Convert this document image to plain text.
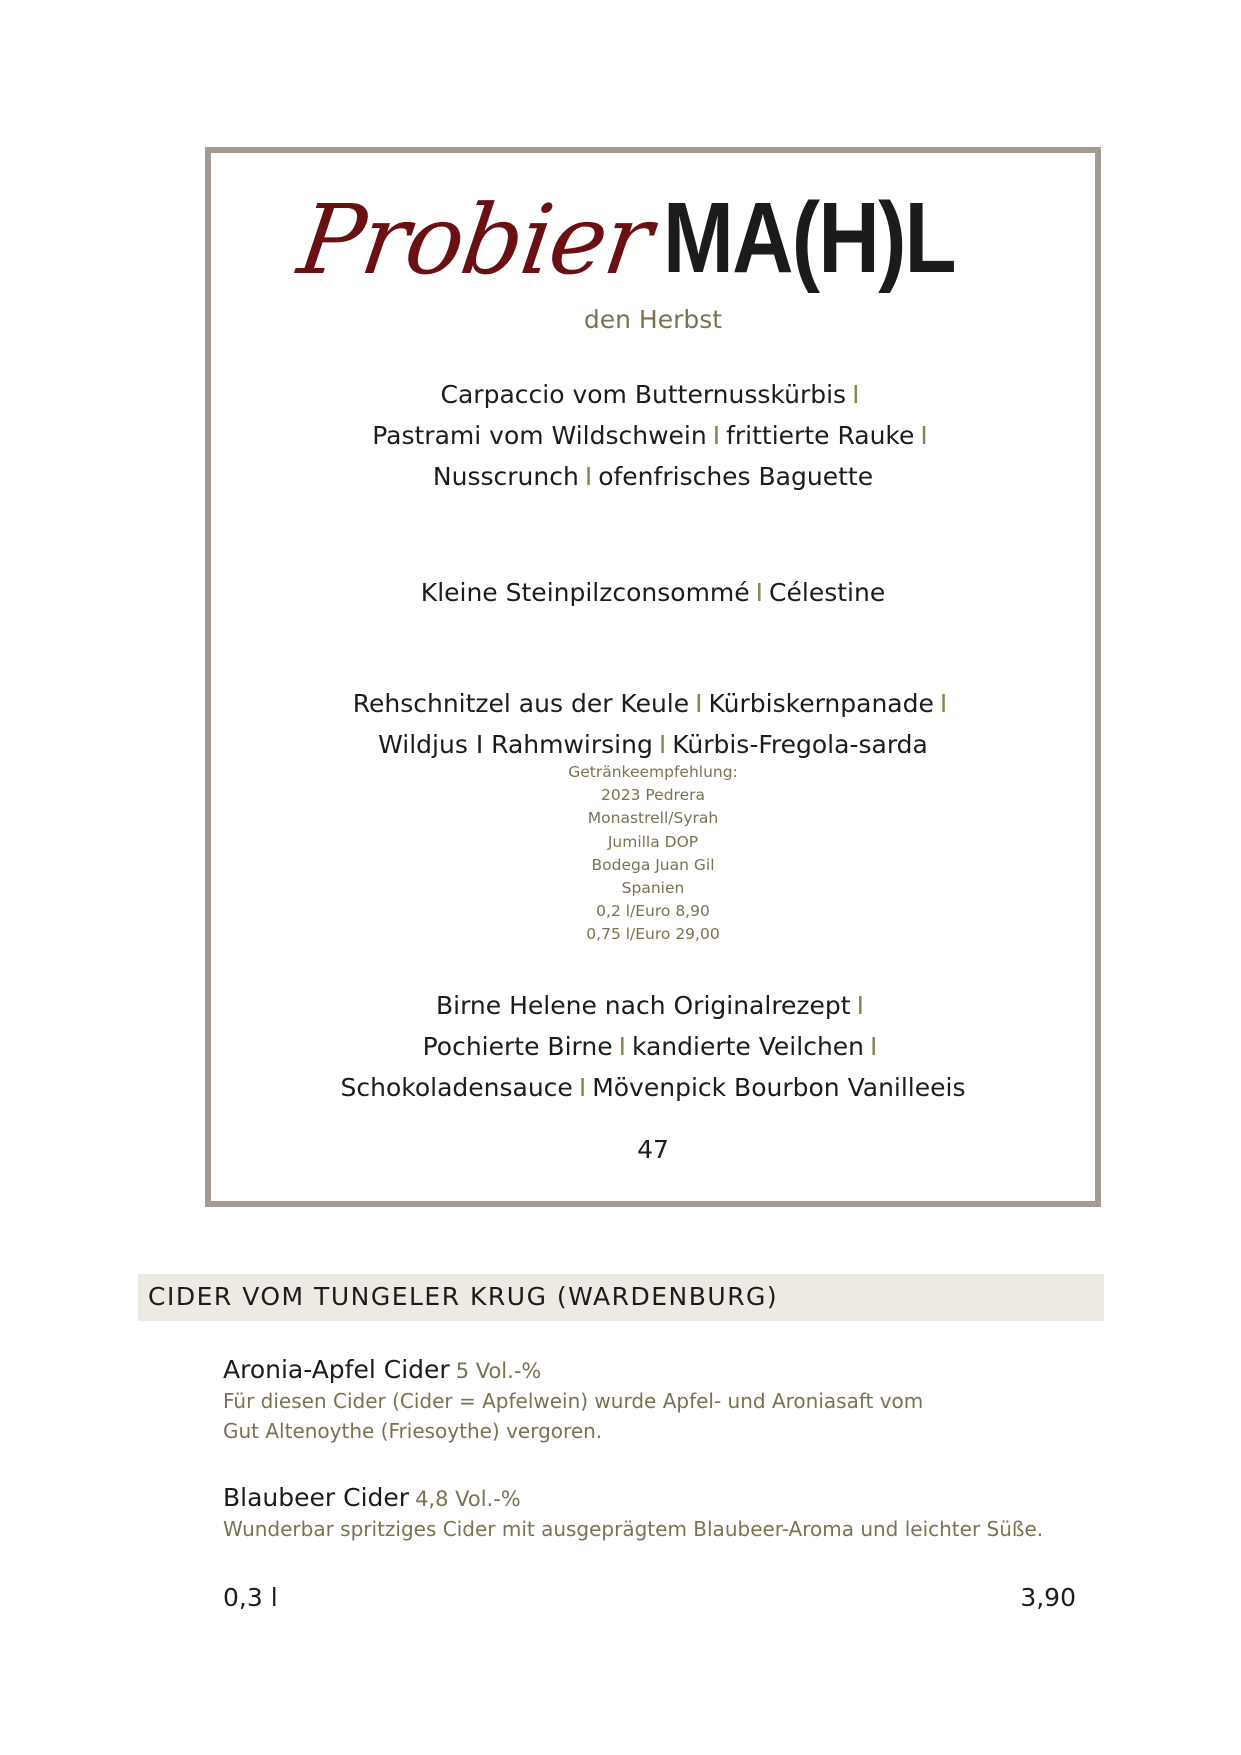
ProbierMA(H)L
den Herbst

Carpaccio vom Butternusskürbis I

Pastrami vom Wildschwein I frittierte Rauke I

Nusscrunch I ofenfrisches Baguette

Kleine Steinpilzconsommé I Célestine

Rehschnitzel aus der Keule I Kürbiskernpanade I

Wildjus I Rahmwirsing I Kürbis-Fregola-sarda

Getränkeempfehlung:
2023 Pedrera
Monastrell/Syrah
Jumilla DOP
Bodega Juan Gil
Spanien
0,2 l/Euro 8,90
0,75 l/Euro 29,00

Birne Helene nach Originalrezept I

Pochierte Birne I kandierte Veilchen I

Schokoladensauce I Mövenpick Bourbon Vanilleeis

47
CIDER VOM TUNGELER KRUG (WARDENBURG)
Aronia-Apfel Cider 5 Vol.-%
Für diesen Cider (Cider = Apfelwein) wurde Apfel- und Aroniasaft vom
Gut Altenoythe (Friesoythe) vergoren.
Blaubeer Cider 4,8 Vol.-%
Wunderbar spritziges Cider mit ausgeprägtem Blaubeer-Aroma und leichter Süße.
0,3 l	3,90
